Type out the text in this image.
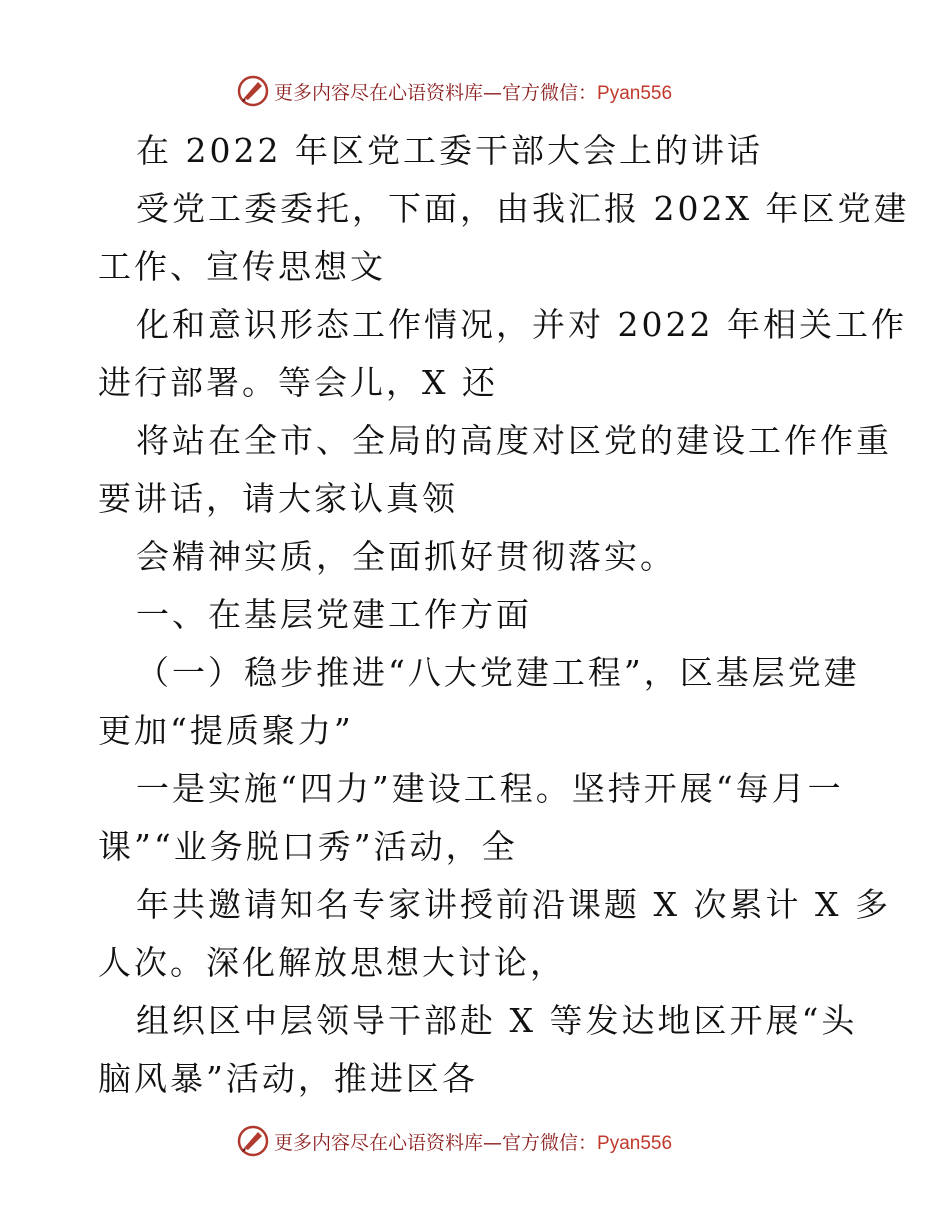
更多内容尽在心语资料库—官方微信：Pyan556
在 2022 年区党工委干部大会上的讲话
受党工委委托，下面，由我汇报 202X 年区党建
工作、宣传思想文
化和意识形态工作情况，并对 2022 年相关工作
进行部署。等会儿，X 还
将站在全市、全局的高度对区党的建设工作作重
要讲话，请大家认真领
会精神实质，全面抓好贯彻落实。
一、在基层党建工作方面
（一）稳步推进“八大党建工程”，区基层党建
更加“提质聚力”
一是实施“四力”建设工程。坚持开展“每月一
课”“业务脱口秀”活动，全
年共邀请知名专家讲授前沿课题 X 次累计 X 多
人次。深化解放思想大讨论，
组织区中层领导干部赴 X 等发达地区开展“头
脑风暴”活动，推进区各
更多内容尽在心语资料库—官方微信：Pyan556
